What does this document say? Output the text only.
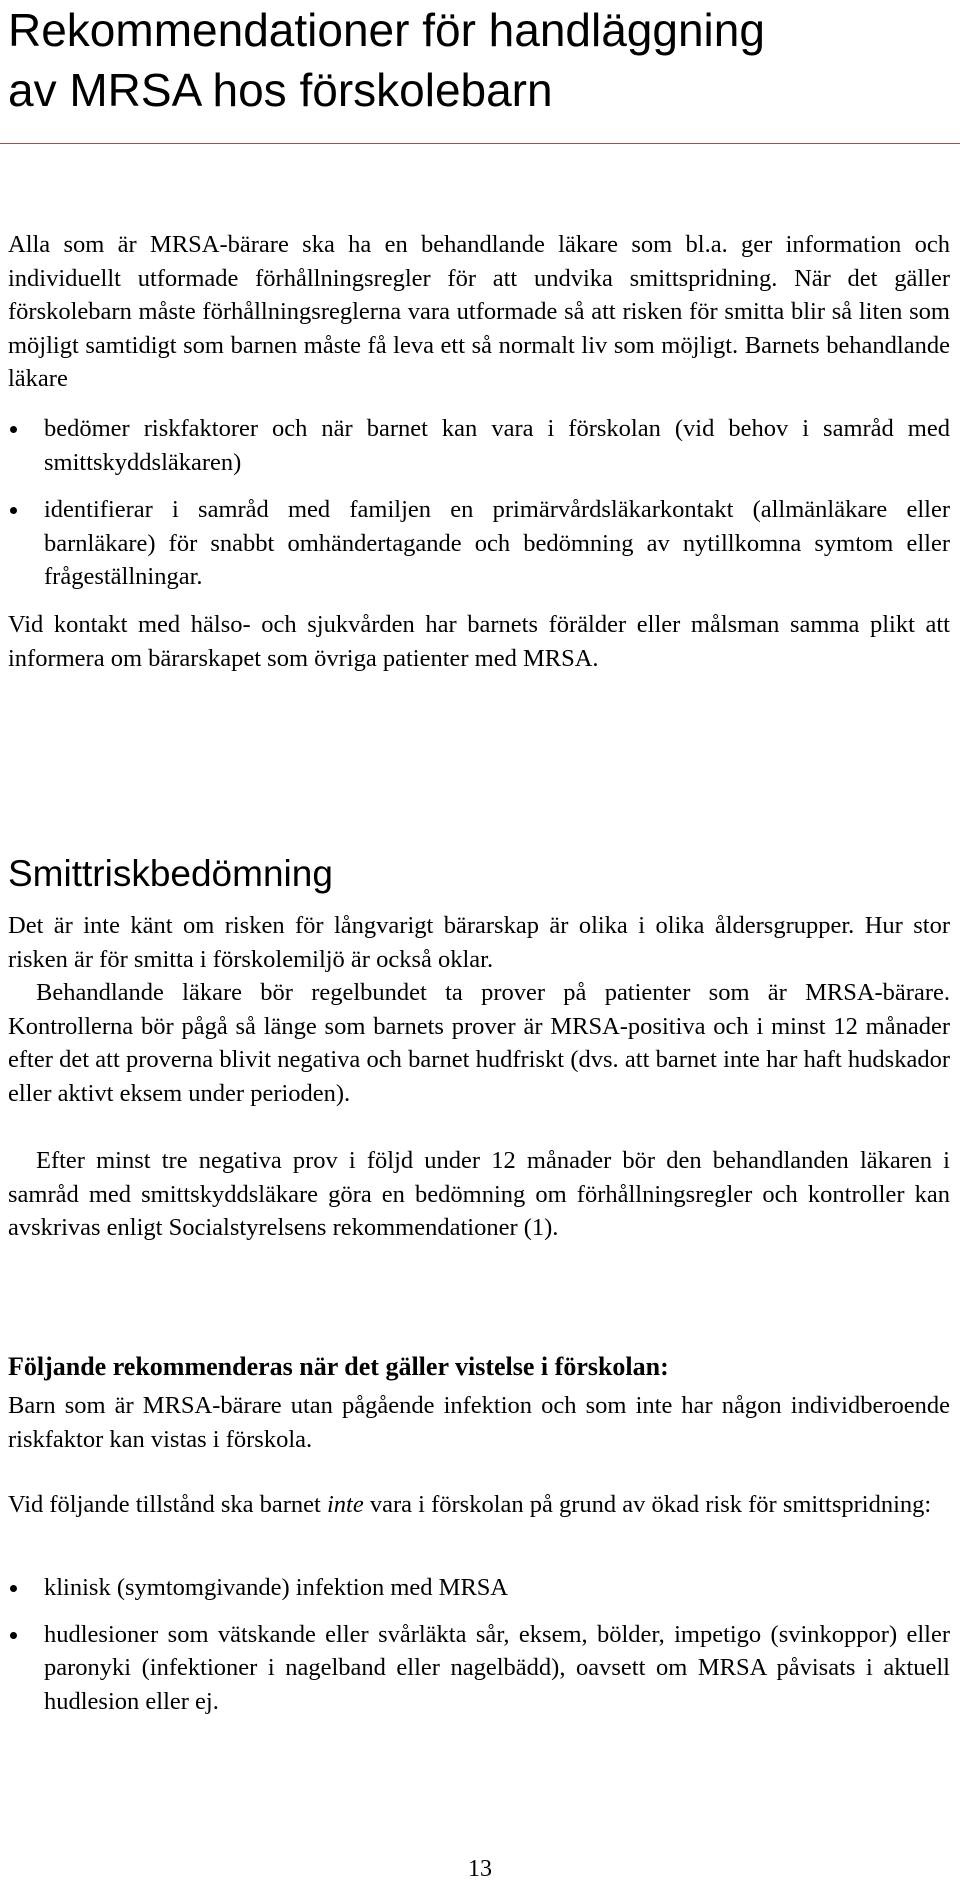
Rekommendationer för handläggning
av MRSA hos förskolebarn

Alla som är MRSA-bärare ska ha en behandlande läkare som bl.a. ger information och individuellt utformade förhållningsregler för att undvika smittspridning. När det gäller förskolebarn måste förhållningsreglerna vara utformade så att risken för smitta blir så liten som möjligt samtidigt som barnen måste få leva ett så normalt liv som möjligt. Barnets behandlande läkare

bedömer riskfaktorer och när barnet kan vara i förskolan (vid behov i samråd med smittskyddsläkaren)
identifierar i samråd med familjen en primärvårdsläkarkontakt (allmänläkare eller barnläkare) för snabbt omhändertagande och bedömning av nytillkomna symtom eller frågeställningar.

Vid kontakt med hälso- och sjukvården har barnets förälder eller målsman samma plikt att informera om bärarskapet som övriga patienter med MRSA.

Smittriskbedömning

Det är inte känt om risken för långvarigt bärarskap är olika i olika åldersgrupper. Hur stor risken är för smitta i förskolemiljö är också oklar.

Behandlande läkare bör regelbundet ta prover på patienter som är MRSA-bärare. Kontrollerna bör pågå så länge som barnets prover är MRSA-positiva och i minst 12 månader efter det att proverna blivit negativa och barnet hudfriskt (dvs. att barnet inte har haft hudskador eller aktivt eksem under perioden).

Efter minst tre negativa prov i följd under 12 månader bör den behandlanden läkaren i samråd med smittskyddsläkare göra en bedömning om förhållningsregler och kontroller kan avskrivas enligt Socialstyrelsens rekommendationer (1).

Följande rekommenderas när det gäller vistelse i förskolan:

Barn som är MRSA-bärare utan pågående infektion och som inte har någon individberoende riskfaktor kan vistas i förskola.

Vid följande tillstånd ska barnet inte vara i förskolan på grund av ökad risk för smittspridning:

klinisk (symtomgivande) infektion med MRSA
hudlesioner som vätskande eller svårläkta sår, eksem, bölder, impetigo (svinkoppor) eller paronyki (infektioner i nagelband eller nagelbädd), oavsett om MRSA påvisats i aktuell hudlesion eller ej.
13
